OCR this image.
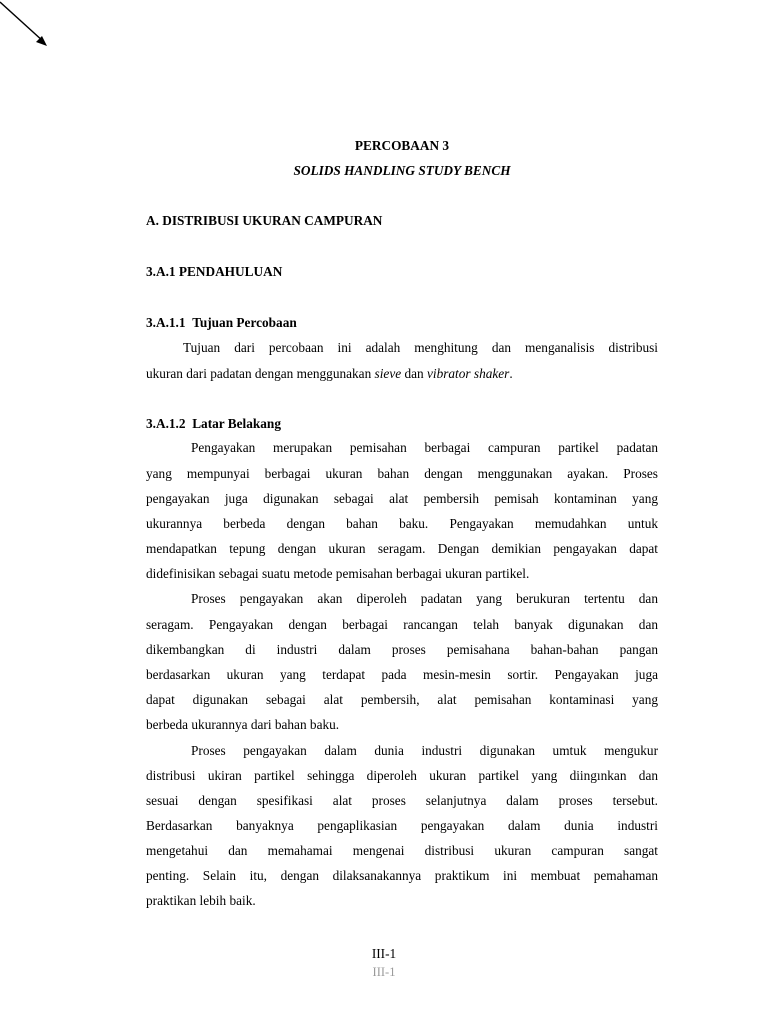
PERCOBAAN 3
SOLIDS HANDLING STUDY BENCH
A. DISTRIBUSI UKURAN CAMPURAN
3.A.1 PENDAHULUAN
3.A.1.1 Tujuan Percobaan
Tujuan dari percobaan ini adalah menghitung dan menganalisis distribusi
ukuran dari padatan dengan menggunakan sieve dan vibrator shaker.
3.A.1.2 Latar Belakang
Pengayakan merupakan pemisahan berbagai campuran partikel padatan
yang mempunyai berbagai ukuran bahan dengan menggunakan ayakan. Proses
pengayakan juga digunakan sebagai alat pembersih pemisah kontaminan yang
ukurannya berbeda dengan bahan baku. Pengayakan memudahkan untuk
mendapatkan tepung dengan ukuran seragam. Dengan demikian pengayakan dapat
didefinisikan sebagai suatu metode pemisahan berbagai ukuran partikel.
Proses pengayakan akan diperoleh padatan yang berukuran tertentu dan
seragam. Pengayakan dengan berbagai rancangan telah banyak digunakan dan
dikembangkan di industri dalam proses pemisahana bahan-bahan pangan
berdasarkan ukuran yang terdapat pada mesin-mesin sortir. Pengayakan juga
dapat digunakan sebagai alat pembersih, alat pemisahan kontaminasi yang
berbeda ukurannya dari bahan baku.
Proses pengayakan dalam dunia industri digunakan umtuk mengukur
distribusi ukiran partikel sehingga diperoleh ukuran partikel yang diingınkan dan
sesuai dengan spesifikasi alat proses selanjutnya dalam proses tersebut.
Berdasarkan banyaknya pengaplikasian pengayakan dalam dunia industri
mengetahui dan memahamai mengenai distribusi ukuran campuran sangat
penting. Selain itu, dengan dilaksanakannya praktikum ini membuat pemahaman
praktikan lebih baik.
III-1
III-1
